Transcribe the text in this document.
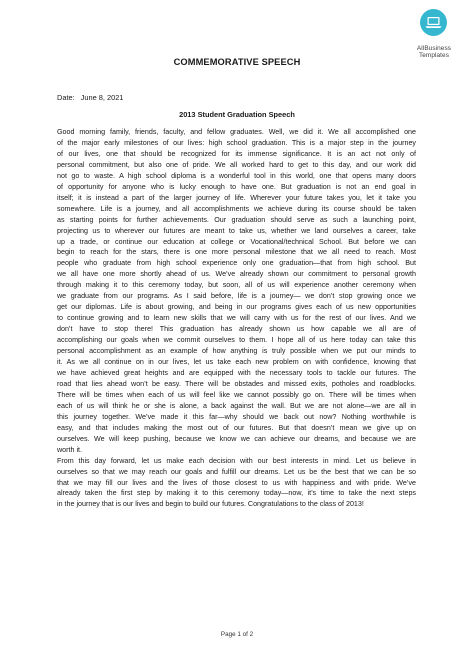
AllBusiness
Templates
COMMEMORATIVE SPEECH
Date: June 8, 2021
2013 Student Graduation Speech
Good morning family, friends, faculty, and fellow graduates. Well, we did it. We all accomplished one
of the major early milestones of our lives: high school graduation. This is a major step in the journey
of our lives, one that should be recognized for its immense significance. It is an act not only of
personal commitment, but also one of pride. We all worked hard to get to this day, and our work did
not go to waste. A high school diploma is a wonderful tool in this world, one that opens many doors
of opportunity for anyone who is lucky enough to have one. But graduation is not an end goal in
itself; it is instead a part of the larger journey of life. Wherever your future takes you, let it take you
somewhere. Life is a journey, and all accomplishments we achieve during its course should be taken
as starting points for further achievements. Our graduation should serve as such a launching point,
projecting us to wherever our futures are meant to take us, whether we land ourselves a career, take
up a trade, or continue our education at college or Vocational/technical School. But before we can
begin to reach for the stars, there is one more personal milestone that we all need to reach. Most
people who graduate from high school experience only one graduation—that from high school. But
we all have one more shortly ahead of us. We’ve already shown our commitment to personal growth
through making it to this ceremony today, but soon, all of us will experience another ceremony when
we graduate from our programs. As I said before, life is a journey— we don’t stop growing once we
get our diplomas. Life is about growing, and being in our programs gives each of us new opportunities
to continue growing and to learn new skills that we will carry with us for the rest of our lives. And we
don’t have to stop there! This graduation has already shown us how capable we all are of
accomplishing our goals when we commit ourselves to them. I hope all of us here today can take this
personal accomplishment as an example of how anything is truly possible when we put our minds to
it. As we all continue on in our lives, let us take each new problem on with confidence, knowing that
we have achieved great heights and are equipped with the necessary tools to tackle our futures. The
road that lies ahead won’t be easy. There will be obstades and missed exits, potholes and roadblocks.
There will be times when each of us will feel like we cannot possibly go on. There will be times when
each of us will think he or she is alone, a back against the wall. But we are not alone—we are all in
this journey together. We’ve made it this far—why should we back out now? Nothing worthwhile is
easy, and that includes making the most out of our futures. But that doesn’t mean we give up on
ourselves. We will keep pushing, because we know we can achieve our dreams, and because we are
worth it.
From this day forward, let us make each decision with our best interests in mind. Let us believe in
ourselves so that we may reach our goals and fulfill our dreams. Let us be the best that we can be so
that we may fill our lives and the lives of those closest to us with happiness and with pride. We’ve
already taken the first step by making it to this ceremony today—now, it’s time to take the next steps
in the journey that is our lives and begin to build our futures. Congratulations to the class of 2013!
Page 1 of 2
